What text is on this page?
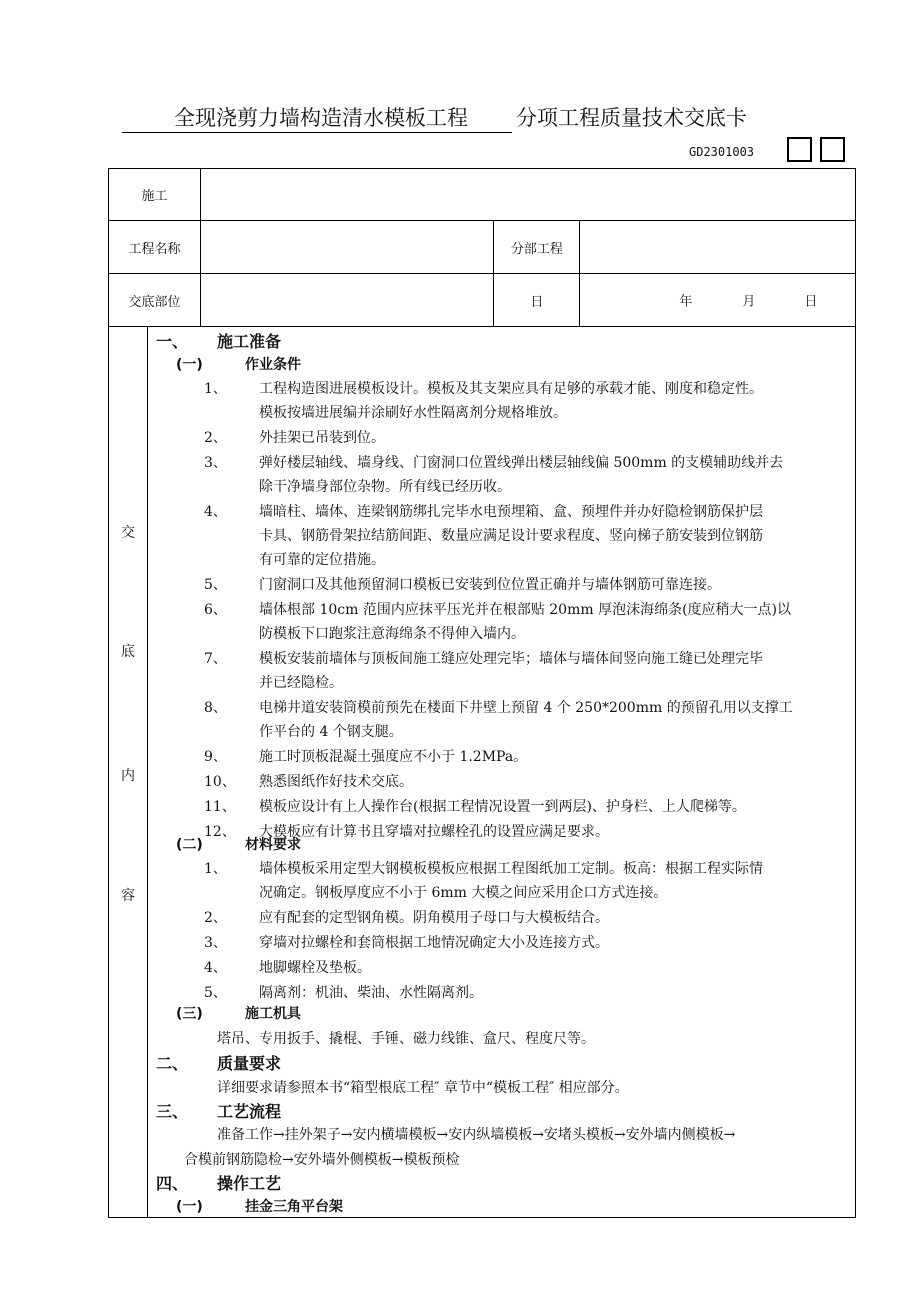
全现浇剪力墙构造清水模板工程 分项工程质量技术交底卡
GD2301003
施工			
工程名称		分部工程	
交底部位		日	年 月 日
交
底
内
容
一、 施工准备
(一)	作业条件
1、 工程构造图进展模板设计。模板及其支架应具有足够的承载才能、刚度和稳定性。
模板按墙进展编并涂刷好水性隔离剂分规格堆放。
2、 外挂架已吊装到位。
3、 弹好楼层轴线、墙身线、门窗洞口位置线弹出楼层轴线偏 500mm 的支模辅助线并去
除干净墙身部位杂物。所有线已经历收。
4、 墙暗柱、墙体、连梁钢筋绑扎完毕水电预埋箱、盒、预埋件并办好隐检钢筋保护层
卡具、钢筋骨架拉结筋间距、数量应满足设计要求程度、竖向梯子筋安装到位钢筋
有可靠的定位措施。
5、 门窗洞口及其他预留洞口模板已安装到位位置正确并与墙体钢筋可靠连接。
6、 墙体根部 10cm 范围内应抹平压光并在根部贴 20mm 厚泡沫海绵条(度应稍大一点)以
防模板下口跑浆注意海绵条不得伸入墙内。
7、 模板安装前墙体与顶板间施工缝应处理完毕；墙体与墙体间竖向施工缝已处理完毕
并已经隐检。
8、 电梯井道安装筒模前预先在楼面下井壁上预留 4 个 250*200mm 的预留孔用以支撑工
作平台的 4 个钢支腿。
9、 施工时顶板混凝土强度应不小于 1.2MPa。
10、 熟悉图纸作好技术交底。
11、 模板应设计有上人操作台(根据工程情况设置一到两层)、护身栏、上人爬梯等。
12、 大模板应有计算书且穿墙对拉螺栓孔的设置应满足要求。
(二)	材料要求
1、 墙体模板采用定型大钢模板模板应根据工程图纸加工定制。板高：根据工程实际情
况确定。钢板厚度应不小于 6mm 大模之间应采用企口方式连接。
2、 应有配套的定型钢角模。阴角模用子母口与大模板结合。
3、 穿墙对拉螺栓和套筒根据工地情况确定大小及连接方式。
4、 地脚螺栓及垫板。
5、 隔离剂：机油、柴油、水性隔离剂。
(三)	施工机具
塔吊、专用扳手、撬棍、手锤、磁力线锥、盒尺、程度尺等。
二、 质量要求
详细要求请参照本书“箱型根底工程″ 章节中“模板工程″ 相应部分。
三、 工艺流程
准备工作→挂外架子→安内横墙模板→安内纵墙模板→安堵头模板→安外墙内侧模板→
合模前钢筋隐检→安外墙外侧模板→模板预检
四、 操作工艺
(一)	挂金三角平台架
